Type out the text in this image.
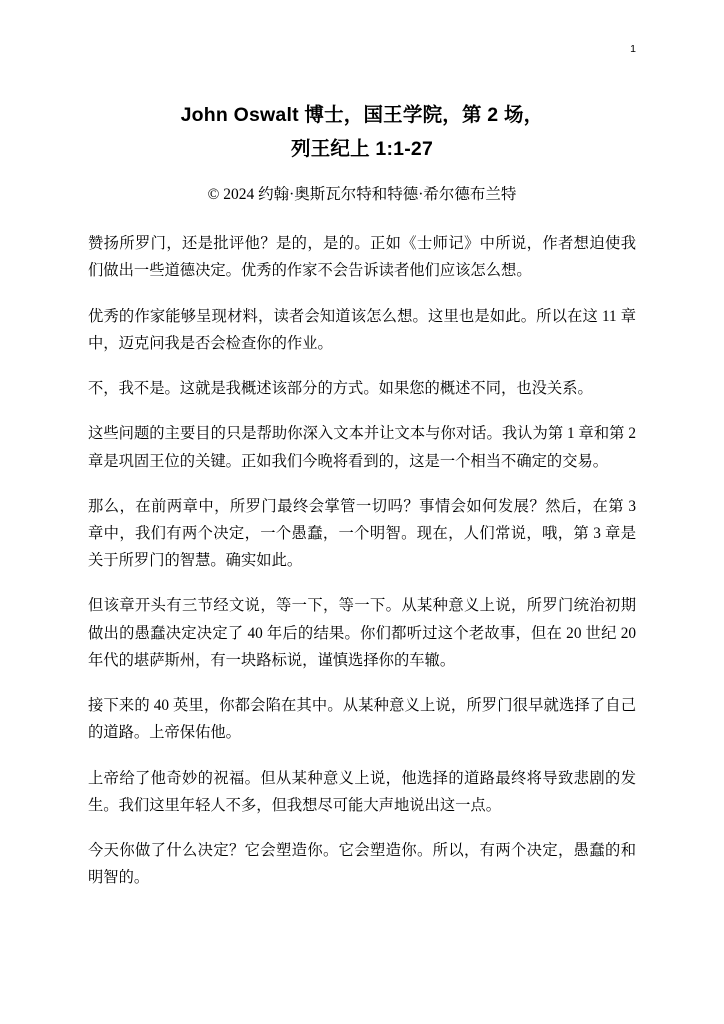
1
John Oswalt 博士，国王学院，第 2 场，
列王纪上 1:1-27
© 2024 约翰·奥斯瓦尔特和特德·希尔德布兰特

赞扬所罗门，还是批评他？是的，是的。正如《士师记》中所说，作者想迫使我们做出一些道德决定。优秀的作家不会告诉读者他们应该怎么想。

优秀的作家能够呈现材料，读者会知道该怎么想。这里也是如此。所以在这 11 章中，迈克问我是否会检查你的作业。

不，我不是。这就是我概述该部分的方式。如果您的概述不同，也没关系。

这些问题的主要目的只是帮助你深入文本并让文本与你对话。我认为第 1 章和第 2 章是巩固王位的关键。正如我们今晚将看到的，这是一个相当不确定的交易。

那么，在前两章中，所罗门最终会掌管一切吗？事情会如何发展？然后，在第 3 章中，我们有两个决定，一个愚蠢，一个明智。现在，人们常说，哦，第 3 章是关于所罗门的智慧。确实如此。

但该章开头有三节经文说，等一下，等一下。从某种意义上说，所罗门统治初期做出的愚蠢决定决定了 40 年后的结果。你们都听过这个老故事，但在 20 世纪 20 年代的堪萨斯州，有一块路标说，谨慎选择你的车辙。

接下来的 40 英里，你都会陷在其中。从某种意义上说，所罗门很早就选择了自己的道路。上帝保佑他。

上帝给了他奇妙的祝福。但从某种意义上说，他选择的道路最终将导致悲剧的发生。我们这里年轻人不多，但我想尽可能大声地说出这一点。

今天你做了什么决定？它会塑造你。它会塑造你。所以，有两个决定，愚蠢的和明智的。
